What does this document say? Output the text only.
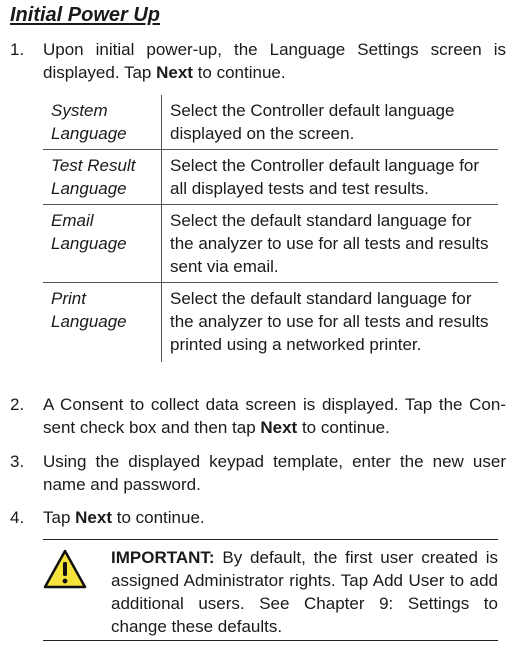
Initial Power Up
1. Upon initial power-up, the Language Settings screen is displayed. Tap Next to continue.
System
Language	Select the Controller default language displayed on the screen.
Test Result
Language	Select the Controller default language for all displayed tests and test results.
Email
Language	Select the default standard language for the analyzer to use for all tests and results sent via email.
Print
Language	Select the default standard language for the analyzer to use for all tests and results printed using a networked printer.
2. A Consent to collect data screen is displayed. Tap the Con-sent check box and then tap Next to continue.
3. Using the displayed keypad template, enter the new user name and password.
4. Tap Next to continue.
IMPORTANT: By default, the first user created is assigned Administrator rights. Tap Add User to add additional users. See Chapter 9: Settings to change these defaults.
